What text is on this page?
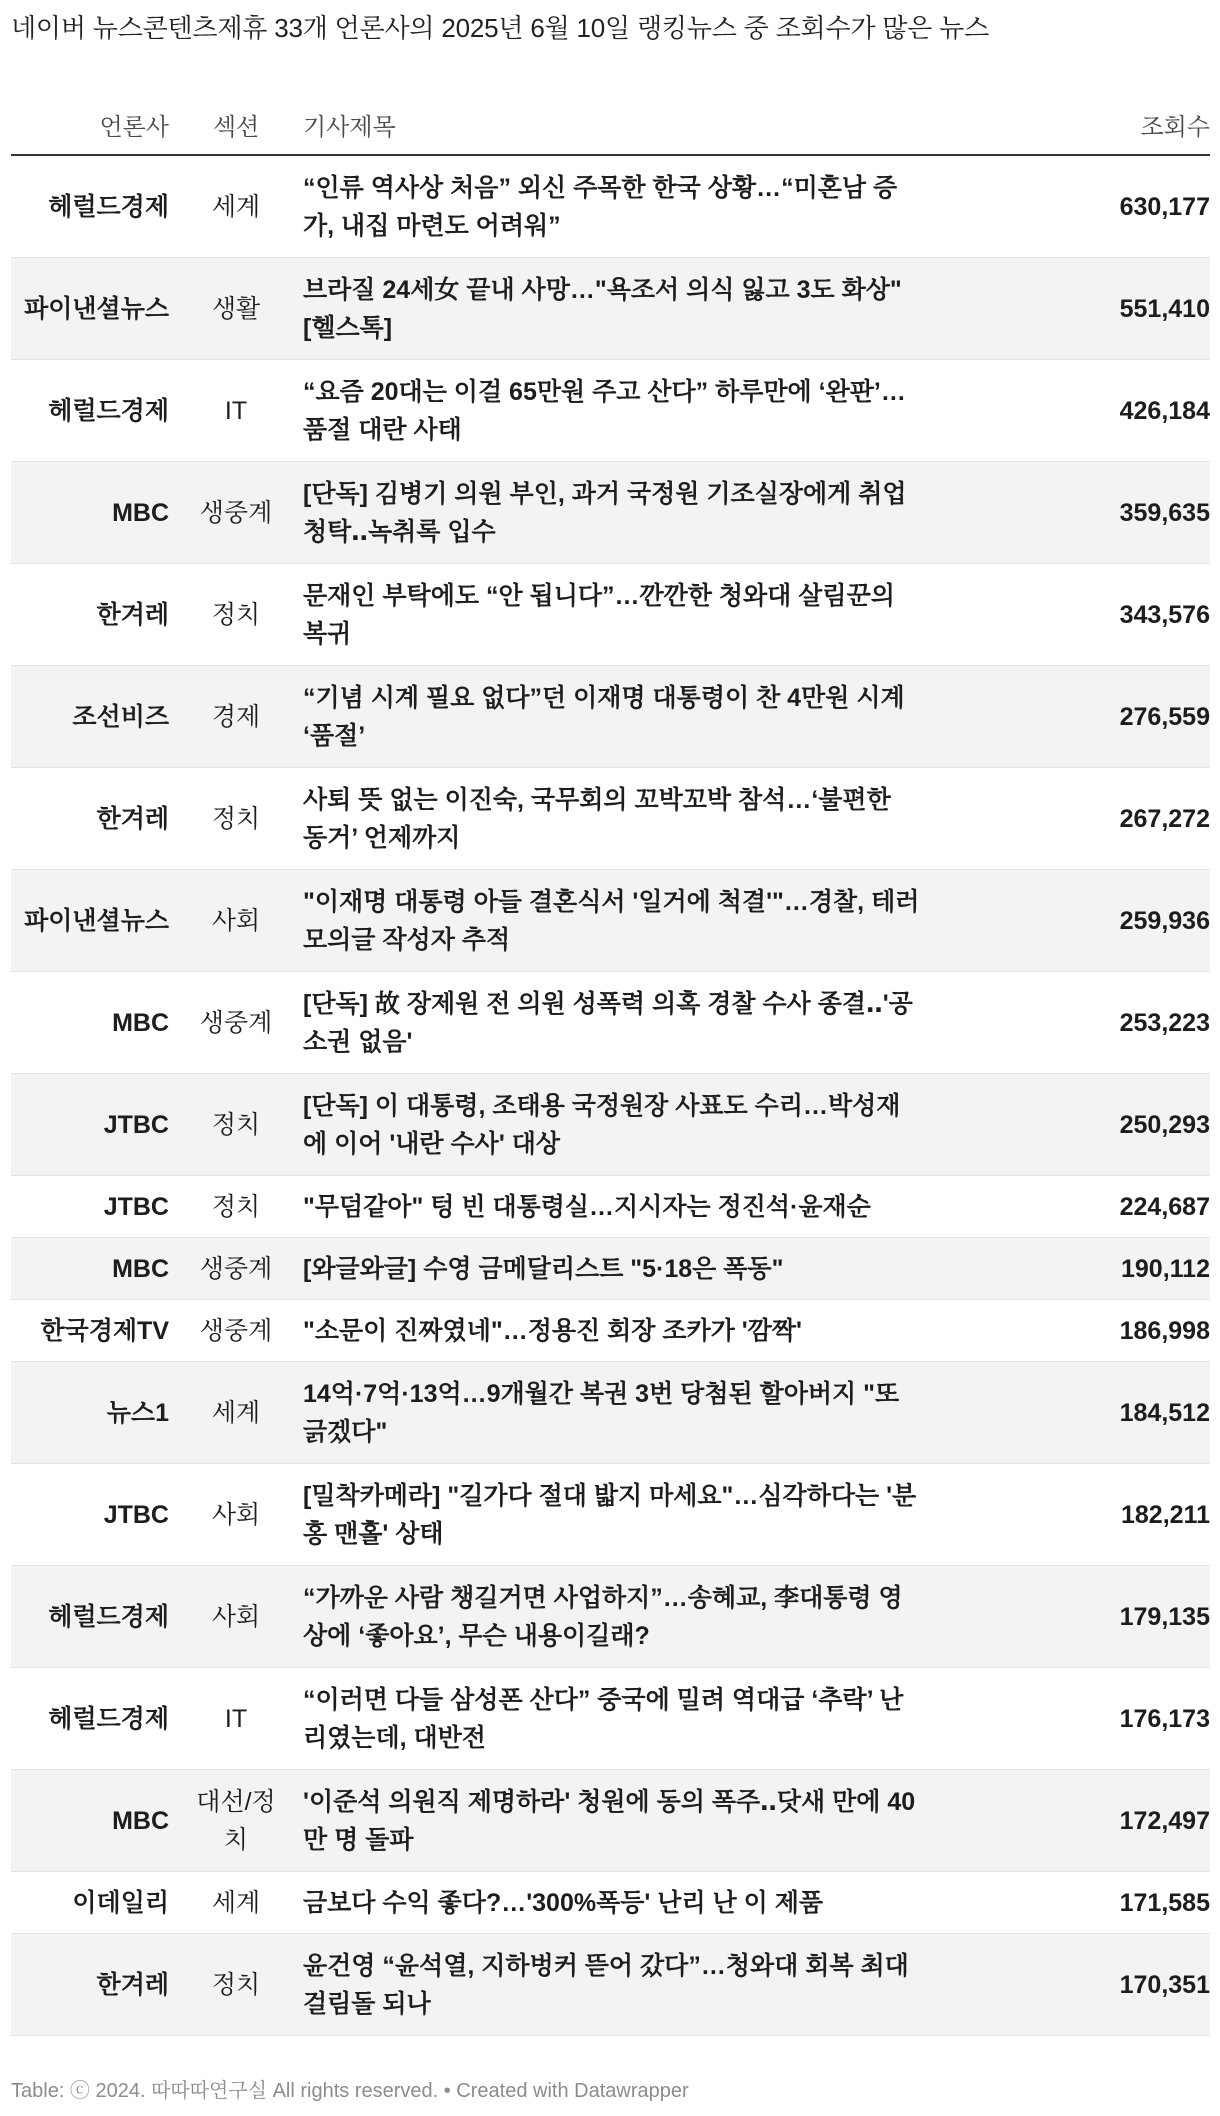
네이버 뉴스콘텐츠제휴 33개 언론사의 2025년 6월 10일 랭킹뉴스 중 조회수가 많은 뉴스
언론사	섹션	기사제목	조회수
헤럴드경제	세계	“인류 역사상 처음” 외신 주목한 한국 상황…“미혼남 증가, 내집 마련도 어려워”	630,177
파이낸셜뉴스	생활	브라질 24세女 끝내 사망…"욕조서 의식 잃고 3도 화상" [헬스톡]	551,410
헤럴드경제	IT	“요즘 20대는 이걸 65만원 주고 산다” 하루만에 ‘완판’…품절 대란 사태	426,184
MBC	생중계	[단독] 김병기 의원 부인, 과거 국정원 기조실장에게 취업 청탁‥녹취록 입수	359,635
한겨레	정치	문재인 부탁에도 “안 됩니다”…깐깐한 청와대 살림꾼의 복귀	343,576
조선비즈	경제	“기념 시계 필요 없다”던 이재명 대통령이 찬 4만원 시계 ‘품절’	276,559
한겨레	정치	사퇴 뜻 없는 이진숙, 국무회의 꼬박꼬박 참석…‘불편한 동거’ 언제까지	267,272
파이낸셜뉴스	사회	"이재명 대통령 아들 결혼식서 '일거에 척결'"…경찰, 테러 모의글 작성자 추적	259,936
MBC	생중계	[단독] 故 장제원 전 의원 성폭력 의혹 경찰 수사 종결‥'공소권 없음'	253,223
JTBC	정치	[단독] 이 대통령, 조태용 국정원장 사표도 수리…박성재에 이어 '내란 수사' 대상	250,293
JTBC	정치	"무덤같아" 텅 빈 대통령실…지시자는 정진석·윤재순	224,687
MBC	생중계	[와글와글] 수영 금메달리스트 "5·18은 폭동"	190,112
한국경제TV	생중계	"소문이 진짜였네"…정용진 회장 조카가 '깜짝'	186,998
뉴스1	세계	14억·7억·13억…9개월간 복권 3번 당첨된 할아버지 "또 긁겠다"	184,512
JTBC	사회	[밀착카메라] "길가다 절대 밟지 마세요"…심각하다는 '분홍 맨홀' 상태	182,211
헤럴드경제	사회	“가까운 사람 챙길거면 사업하지”…송혜교, 李대통령 영상에 ‘좋아요’, 무슨 내용이길래?	179,135
헤럴드경제	IT	“이러면 다들 삼성폰 산다” 중국에 밀려 역대급 ‘추락’ 난리였는데, 대반전	176,173
MBC	대선/정치	'이준석 의원직 제명하라' 청원에 동의 폭주‥닷새 만에 40만 명 돌파	172,497
이데일리	세계	금보다 수익 좋다?…'300%폭등' 난리 난 이 제품	171,585
한겨레	정치	윤건영 “윤석열, 지하벙커 뜯어 갔다”…청와대 회복 최대 걸림돌 되나	170,351
Table: ⓒ 2024. 따따따연구실 All rights reserved. • Created with Datawrapper
